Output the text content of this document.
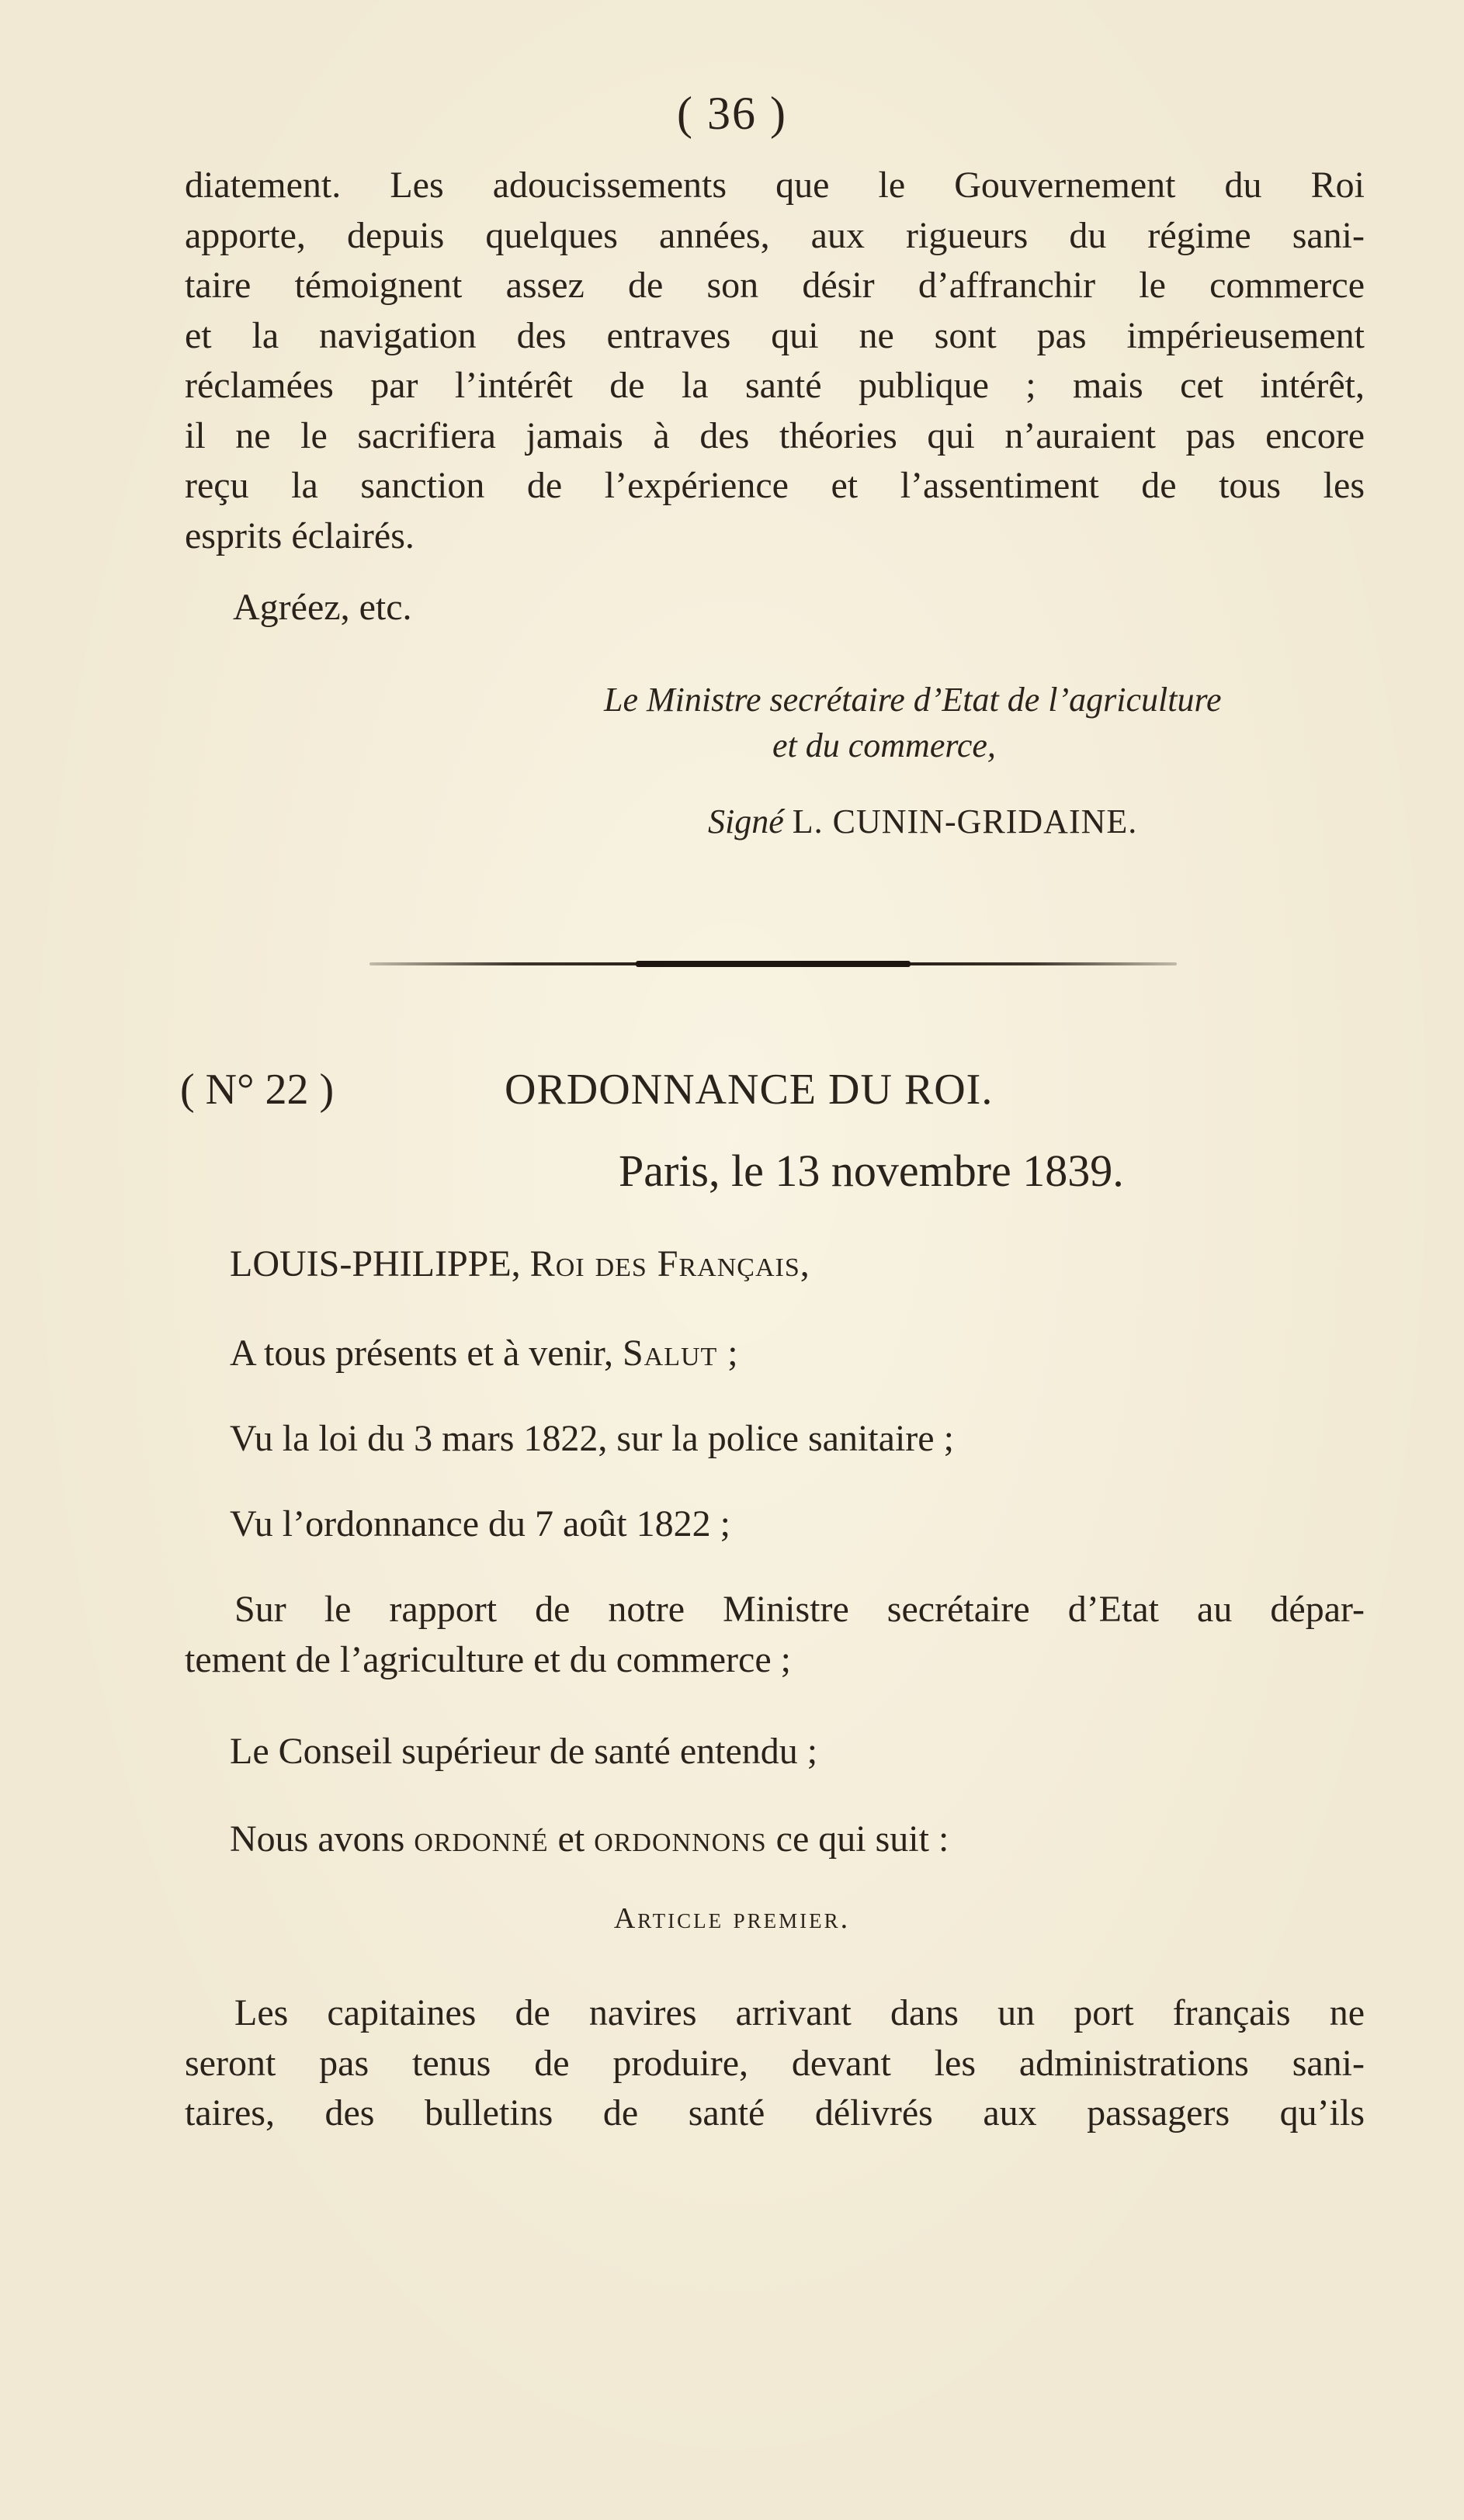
( 36 )
diatement. Les adoucissements que le Gouvernement du Roi
apporte, depuis quelques années, aux rigueurs du régime sani-
taire témoignent assez de son désir d’affranchir le commerce
et la navigation des entraves qui ne sont pas impérieusement
réclamées par l’intérêt de la santé publique ; mais cet intérêt,
il ne le sacrifiera jamais à des théories qui n’auraient pas encore
reçu la sanction de l’expérience et l’assentiment de tous les
esprits éclairés.
Agréez, etc.
Le Ministre secrétaire d’Etat de l’agriculture
et du commerce,
Signé L. CUNIN-GRIDAINE.
( N° 22 )	ORDONNANCE DU ROI.
Paris, le 13 novembre 1839.
LOUIS-PHILIPPE, Roi des Français,
A tous présents et à venir, Salut ;
Vu la loi du 3 mars 1822, sur la police sanitaire ;
Vu l’ordonnance du 7 août 1822 ;
Sur le rapport de notre Ministre secrétaire d’Etat au dépar-
tement de l’agriculture et du commerce ;
Le Conseil supérieur de santé entendu ;
Nous avons ordonné et ordonnons ce qui suit :
Article premier.
Les capitaines de navires arrivant dans un port français ne
seront pas tenus de produire, devant les administrations sani-
taires, des bulletins de santé délivrés aux passagers qu’ils
